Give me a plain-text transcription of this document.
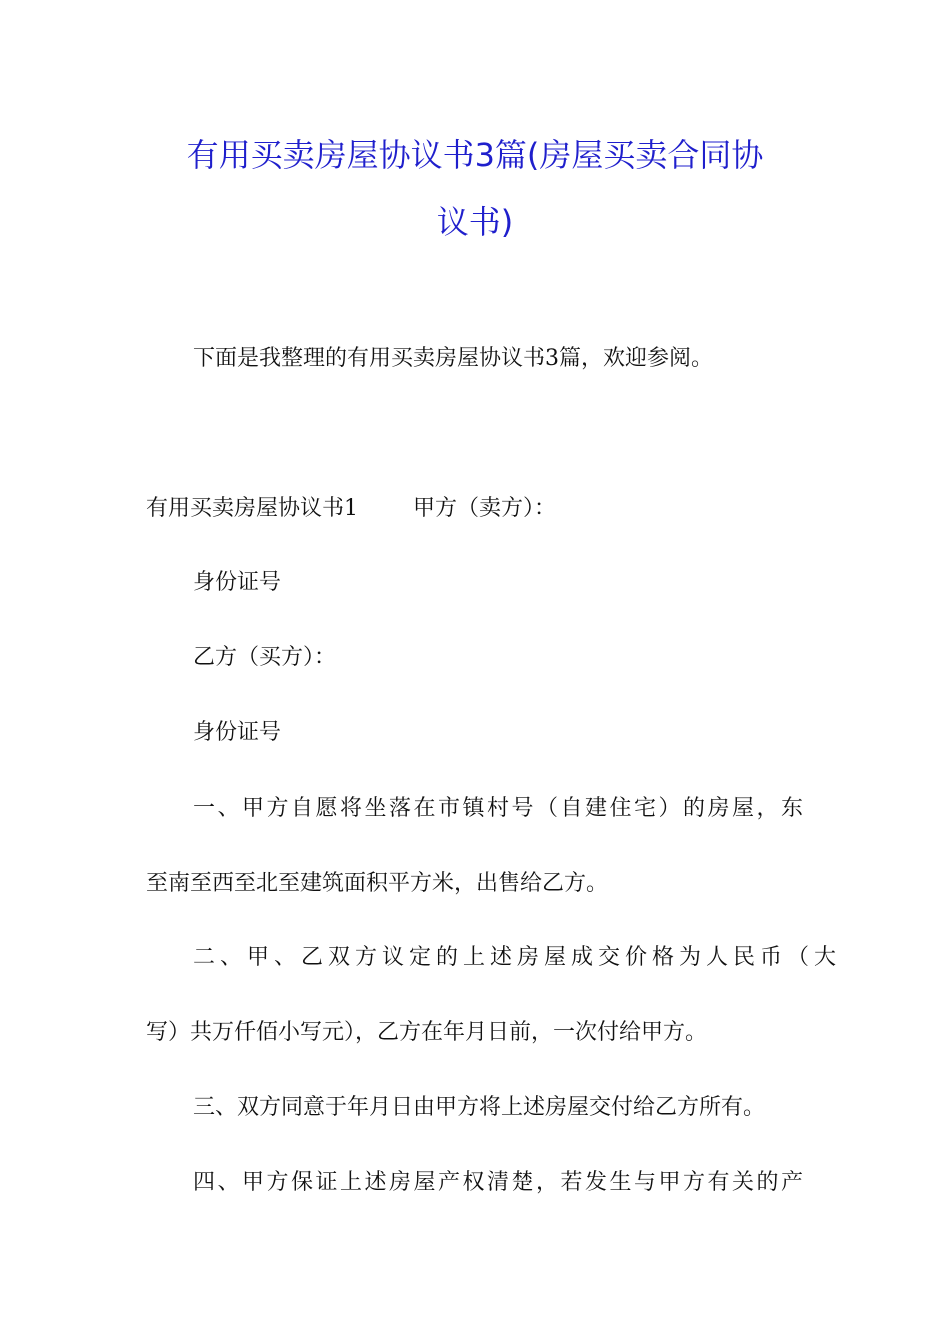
有用买卖房屋协议书3篇(房屋买卖合同协
议书)
下面是我整理的有用买卖房屋协议书3篇，欢迎参阅。
有用买卖房屋协议书1	甲方（卖方）：
身份证号
乙方（买方）：
身份证号
一、甲方自愿将坐落在市镇村号（自建住宅）的房屋，东
至南至西至北至建筑面积平方米，出售给乙方。
二、甲、乙双方议定的上述房屋成交价格为人民币（大
写）共万仟佰小写元），乙方在年月日前，一次付给甲方。
三、双方同意于年月日由甲方将上述房屋交付给乙方所有。
四、甲方保证上述房屋产权清楚，若发生与甲方有关的产
